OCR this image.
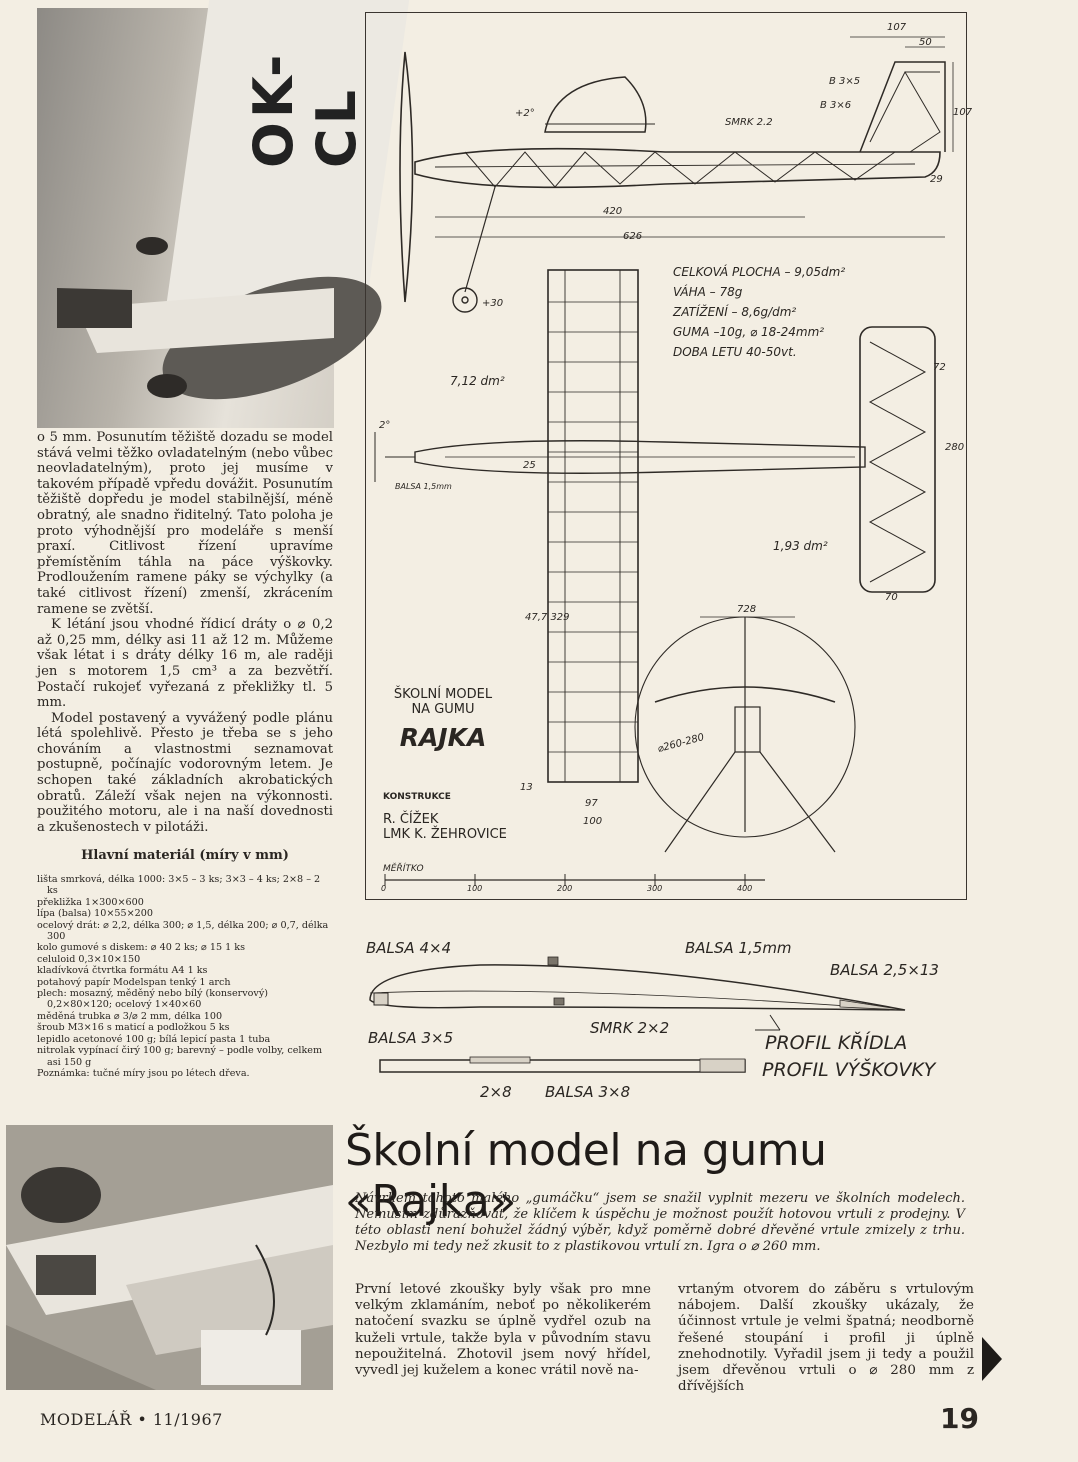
OK-CL

o 5 mm. Posunutím těžiště dozadu se model stává velmi těžko ovladatelným (nebo vůbec neovladatelným), proto jej musíme v takovém případě vpředu dovážit. Posunutím těžiště dopředu je model stabilnější, méně obratný, ale snadno řiditelný. Tato poloha je proto výhodnější pro modeláře s menší praxí. Citlivost řízení upravíme přemístěním táhla na páce výškovky. Prodloužením ramene páky se výchylky (a také citlivost řízení) zmenší, zkrácením ramene se zvětší.

K létání jsou vhodné řídicí dráty o ⌀ 0,2 až 0,25 mm, délky asi 11 až 12 m. Můžeme však létat i s dráty délky 16 m, ale raději jen s motorem 1,5 cm³ a za bezvětří. Postačí rukojeť vyřezaná z překližky tl. 5 mm.

Model postavený a vyvážený podle plánu létá spolehlivě. Přesto je třeba se s jeho chováním a vlastnostmi seznamovat postupně, počínajíc vodorovným letem. Je schopen také základních akrobatických obratů. Záleží však nejen na výkonnosti. použitého motoru, ale i na naší dovednosti a zkušenostech v pilotáži.

Hlavní materiál (míry v mm)
lišta smrková, délka 1000: 3×5 – 3 ks; 3×3 – 4 ks; 2×8 – 2 ks
překližka 1×300×600
lípa (balsa) 10×55×200
ocelový drát: ⌀ 2,2, délka 300; ⌀ 1,5, délka 200; ⌀ 0,7, délka 300
kolo gumové s diskem: ⌀ 40 2 ks; ⌀ 15 1 ks
celuloid 0,3×10×150
kladívková čtvrtka formátu A4 1 ks
potahový papír Modelspan tenký 1 arch
plech: mosazný, měděný nebo bílý (konservový) 0,2×80×120; ocelový 1×40×60
měděná trubka ⌀ 3/⌀ 2 mm, délka 100
šroub M3×16 s maticí a podložkou 5 ks
lepidlo acetonové 100 g; bílá lepicí pasta 1 tuba
nitrolak vypínací čirý 100 g; barevný – podle volby, celkem asi 150 g
Poznámka: tučné míry jsou po létech dřeva.
107
50
B 3×5
B 3×6
SMRK 2.2
107
29
420
626
+2°
+30
CELKOVÁ PLOCHA – 9,05dm²
VÁHA – 78g
ZATÍŽENÍ – 8,6g/dm²
GUMA –10g, ⌀ 18-24mm²
DOBA LETU 40-50vt.
7,12 dm²
2°
25
BALSA 1,5mm
72
280
1,93 dm²
70
47,7 329
13
97
100
728
⌀260-280
ŠKOLNÍ MODEL
NA GUMU
RAJKA
KONSTRUKCE
R. ČÍŽEK
LMK K. ŽEHROVICE
MĚŘÍTKO
0	100	200	300	400
BALSA 4×4	BALSA 1,5mm
BALSA 2,5×13
BALSA 3×5
SMRK 2×2
2×8 BALSA 3×8
PROFIL KŘÍDLA
PROFIL VÝŠKOVKY
Školní model na gumu «Rajka»
Návrhem tohoto malého „gumáčku“ jsem se snažil vyplnit mezeru ve školních modelech. Nemusím zdůrazňovat, že klíčem k úspěchu je možnost použít hotovou vrtuli z prodejny. V této oblasti není bohužel žádný výběr, když poměrně dobré dřevěné vrtule zmizely z trhu. Nezbylo mi tedy než zkusit to z plastikovou vrtulí zn. Igra o ⌀ 260 mm.
První letové zkoušky byly však pro mne velkým zklamáním, neboť po několikerém natočení svazku se úplně vydřel ozub na kuželi vrtule, takže byla v původním stavu nepoužitelná. Zhotovil jsem nový hřídel, vyvedl jej kuželem a konec vrátil nově na-
vrtaným otvorem do záběru s vrtulovým nábojem. Další zkoušky ukázaly, že účinnost vrtule je velmi špatná; neodborně řešené stoupání i profil ji úplně znehodnotily. Vyřadil jsem ji tedy a použil jsem dřevěnou vrtuli o ⌀ 280 mm z dřívějších
MODELÁŘ • 11/1967	19
